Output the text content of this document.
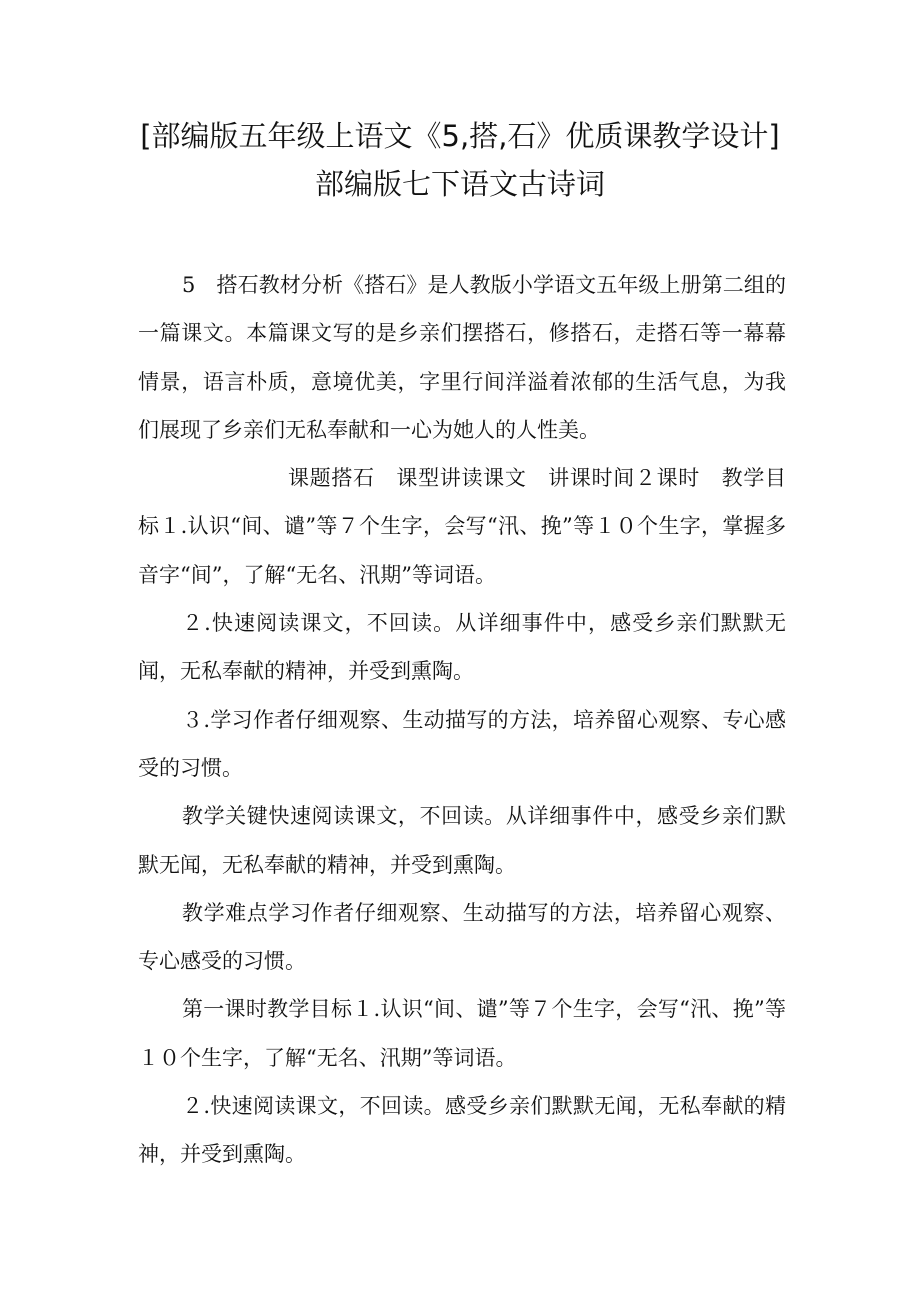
[部编版五年级上语文《5,搭,石》优质课教学设计]
部编版七下语文古诗词

5　搭石教材分析《搭石》是人教版小学语文五年级上册第二组的一篇课文。本篇课文写的是乡亲们摆搭石，修搭石，走搭石等一幕幕情景，语言朴质，意境优美，字里行间洋溢着浓郁的生活气息，为我们展现了乡亲们无私奉献和一心为她人的人性美。

课题搭石　课型讲读课文　讲课时间２课时　教学目标１.认识“间、谴”等７个生字，会写“汛、挽”等１０个生字，掌握多音字“间”，了解“无名、汛期”等词语。

２.快速阅读课文，不回读。从详细事件中，感受乡亲们默默无闻，无私奉献的精神，并受到熏陶。

３.学习作者仔细观察、生动描写的方法，培养留心观察、专心感受的习惯。

教学关键快速阅读课文，不回读。从详细事件中，感受乡亲们默默无闻，无私奉献的精神，并受到熏陶。

教学难点学习作者仔细观察、生动描写的方法，培养留心观察、专心感受的习惯。

第一课时教学目标１.认识“间、谴”等７个生字，会写“汛、挽”等１０个生字，了解“无名、汛期”等词语。

２.快速阅读课文，不回读。感受乡亲们默默无闻，无私奉献的精神，并受到熏陶。
